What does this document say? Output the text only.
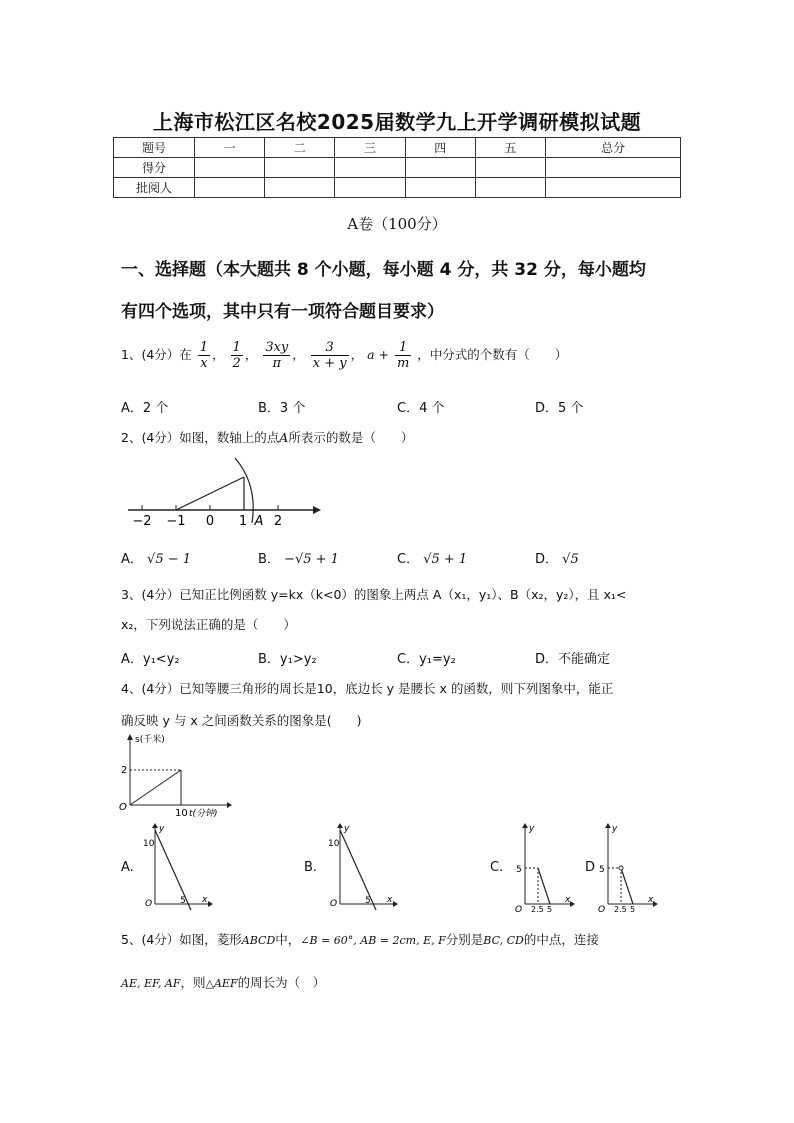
上海市松江区名校2025届数学九上开学调研模拟试题
题号	一	二	三	四	五	总分
得分						
批阅人						
A卷（100分）
一、选择题（本大题共 8 个小题，每小题 4 分，共 32 分，每小题均
有四个选项，其中只有一项符合题目要求）
1、(4分）在 $\frac{1}{x}$ ， $\frac{1}{2}$ ， $\frac{3xy}{\pi}$ ， $\frac{3}{x + y}$ ， $a + \frac{1}{m}$ ，中分式的个数有（　　）
A．2 个	B．3 个	C．4 个	D．5 个
2、(4分）如图，数轴上的点A所表示的数是（　　）
−2 −1 0 1 A 2
A． √5 − 1	B． −√5 + 1	C． √5 + 1	D． √5
3、(4分）已知正比例函数 y=kx（k<0）的图象上两点 A（x₁，y₁）、B（x₂，y₂），且 x₁<
x₂，下列说法正确的是（　　）
A．y₁<y₂	B．y₁>y₂	C．y₁=y₂	D．不能确定
4、(4分）已知等腰三角形的周长是10，底边长 y 是腰长 x 的函数，则下列图象中，能正
确反映 y 与 x 之间函数关系的图象是(　　)
s(千米)
t(分钟)
2
10
O
A.
y
x
10
5
O
B.
y
x
10
5
O
C.
y
x
5
2.5 5
O
D
y
x
5
2.5 5
O
5、(4分）如图，菱形ABCD中，∠B = 60°, AB = 2cm, E, F分别是BC, CD的中点，连接
AE, EF, AF，则△AEF的周长为（　）
